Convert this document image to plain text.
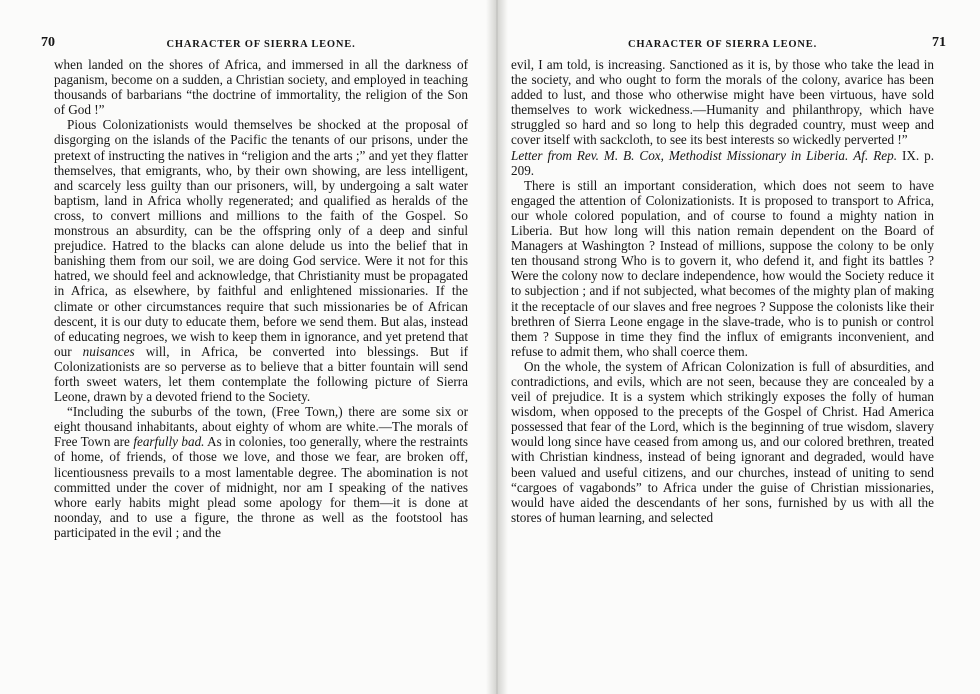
70	CHARACTER OF SIERRA LEONE.

when landed on the shores of Africa, and immersed in all the darkness of paganism, become on a sudden, a Christian society, and employed in teaching thousands of barbarians “the doctrine of immortality, the religion of the Son of God !”

Pious Colonizationists would themselves be shocked at the proposal of disgorging on the islands of the Pacific the tenants of our prisons, under the pretext of instructing the natives in “religion and the arts ;” and yet they flatter themselves, that emigrants, who, by their own showing, are less intelligent, and scarcely less guilty than our prisoners, will, by undergoing a salt water baptism, land in Africa wholly regenerated; and qualified as heralds of the cross, to convert millions and millions to the faith of the Gospel. So monstrous an absurdity, can be the offspring only of a deep and sinful prejudice. Hatred to the blacks can alone delude us into the belief that in banishing them from our soil, we are doing God service. Were it not for this hatred, we should feel and acknowledge, that Christianity must be propagated in Africa, as elsewhere, by faithful and enlightened missionaries. If the climate or other circumstances require that such missionaries be of African descent, it is our duty to educate them, before we send them. But alas, instead of educating negroes, we wish to keep them in ignorance, and yet pretend that our nuisances will, in Africa, be converted into blessings. But if Colonizationists are so perverse as to believe that a bitter fountain will send forth sweet waters, let them contemplate the following picture of Sierra Leone, drawn by a devoted friend to the Society.

“Including the suburbs of the town, (Free Town,) there are some six or eight thousand inhabitants, about eighty of whom are white.—The morals of Free Town are fearfully bad. As in colonies, too generally, where the restraints of home, of friends, of those we love, and those we fear, are broken off, licentiousness prevails to a most lamentable degree. The abomination is not committed under the cover of midnight, nor am I speaking of the natives whore early habits might plead some apology for them—it is done at noonday, and to use a figure, the throne as well as the footstool has participated in the evil ; and the

CHARACTER OF SIERRA LEONE.	71

evil, I am told, is increasing. Sanctioned as it is, by those who take the lead in the society, and who ought to form the morals of the colony, avarice has been added to lust, and those who otherwise might have been virtuous, have sold themselves to work wickedness.—Humanity and philanthropy, which have struggled so hard and so long to help this degraded country, must weep and cover itself with sackcloth, to see its best interests so wickedly perverted !”

Letter from Rev. M. B. Cox, Methodist Missionary in Liberia. Af. Rep. IX. p. 209.

There is still an important consideration, which does not seem to have engaged the attention of Colonizationists. It is proposed to transport to Africa, our whole colored population, and of course to found a mighty nation in Liberia. But how long will this nation remain dependent on the Board of Managers at Washington ? Instead of millions, suppose the colony to be only ten thousand strong Who is to govern it, who defend it, and fight its battles ? Were the colony now to declare independence, how would the Society reduce it to subjection ; and if not subjected, what becomes of the mighty plan of making it the receptacle of our slaves and free negroes ? Suppose the colonists like their brethren of Sierra Leone engage in the slave-trade, who is to punish or control them ? Suppose in time they find the influx of emigrants inconvenient, and refuse to admit them, who shall coerce them.

On the whole, the system of African Colonization is full of absurdities, and contradictions, and evils, which are not seen, because they are concealed by a veil of prejudice. It is a system which strikingly exposes the folly of human wisdom, when opposed to the precepts of the Gospel of Christ. Had America possessed that fear of the Lord, which is the beginning of true wisdom, slavery would long since have ceased from among us, and our colored brethren, treated with Christian kindness, instead of being ignorant and degraded, would have been valued and useful citizens, and our churches, instead of uniting to send “cargoes of vagabonds” to Africa under the guise of Christian missionaries, would have aided the descendants of her sons, furnished by us with all the stores of human learning, and selected
